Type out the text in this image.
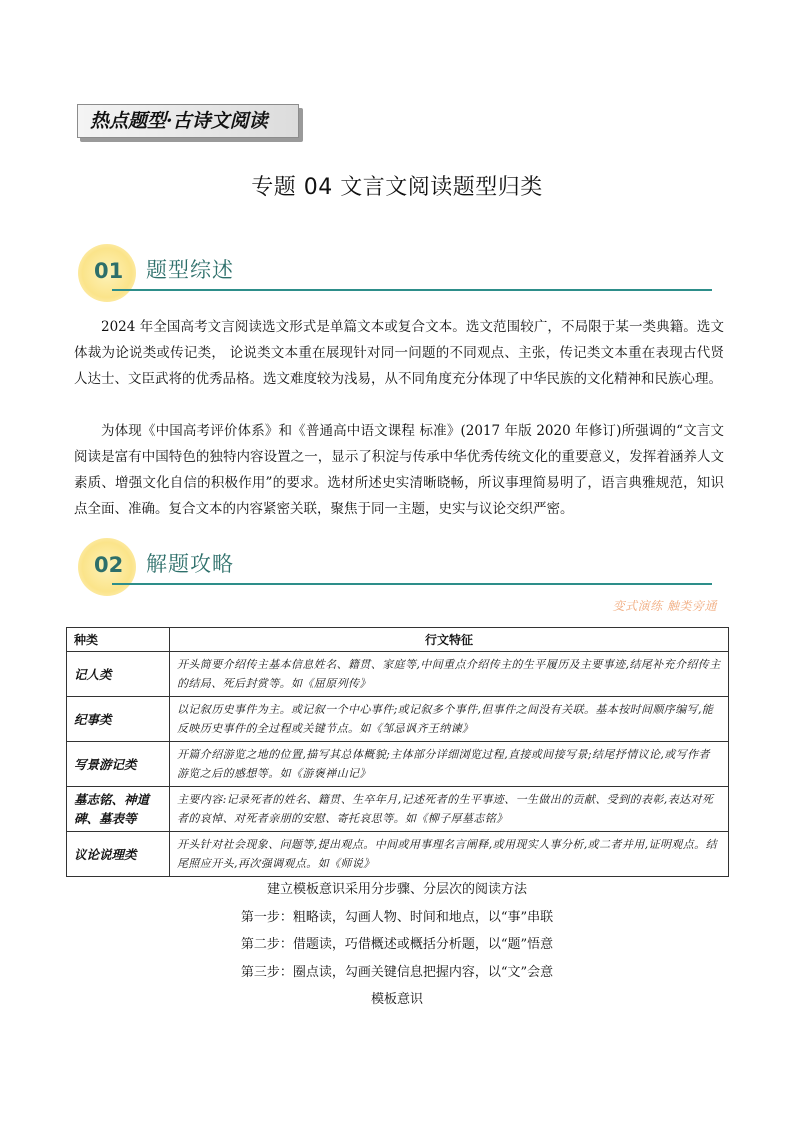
热点题型·古诗文阅读
专题 04 文言文阅读题型归类
01 题型综述

2024 年全国高考文言阅读选文形式是单篇文本或复合文本。选文范围较广，不局限于某一类典籍。选文体裁为论说类或传记类， 论说类文本重在展现针对同一问题的不同观点、主张，传记类文本重在表现古代贤人达士、文臣武将的优秀品格。选文难度较为浅易，从不同角度充分体现了中华民族的文化精神和民族心理。

为体现《中国高考评价体系》和《普通高中语文课程 标准》(2017 年版 2020 年修订)所强调的“文言文阅读是富有中国特色的独特内容设置之一，显示了积淀与传承中华优秀传统文化的重要意义，发挥着涵养人文素质、增强文化自信的积极作用”的要求。选材所述史实清晰晓畅，所议事理简易明了，语言典雅规范，知识点全面、准确。复合文本的内容紧密关联，聚焦于同一主题，史实与议论交织严密。

02 解题攻略
变式演练 触类旁通
种类	行文特征
记人类	开头简要介绍传主基本信息姓名、籍贯、家庭等,中间重点介绍传主的生平履历及主要事迹,结尾补充介绍传主的结局、死后封赏等。如《屈原列传》
纪事类	以记叙历史事件为主。或记叙一个中心事件;或记叙多个事件,但事件之间没有关联。基本按时间顺序编写,能反映历史事件的全过程或关键节点。如《邹忌讽齐王纳谏》
写景游记类	开篇介绍游览之地的位置,描写其总体概貌;主体部分详细浏览过程,直接或间接写景;结尾抒情议论,或写作者游览之后的感想等。如《游褒禅山记》
墓志铭、神道碑、墓表等	主要内容:记录死者的姓名、籍贯、生卒年月,记述死者的生平事迹、一生做出的贡献、受到的表彰,表达对死者的哀悼、对死者亲朋的安慰、寄托哀思等。如《柳子厚墓志铭》
议论说理类	开头针对社会现象、问题等,提出观点。中间或用事理名言阐释,或用现实人事分析,或二者并用,证明观点。结尾照应开头,再次强调观点。如《师说》
建立模板意识采用分步骤、分层次的阅读方法
第一步：粗略读，勾画人物、时间和地点，以“事”串联
第二步：借题读，巧借概述或概括分析题，以“题”悟意
第三步：圈点读，勾画关键信息把握内容，以“文”会意
模板意识
